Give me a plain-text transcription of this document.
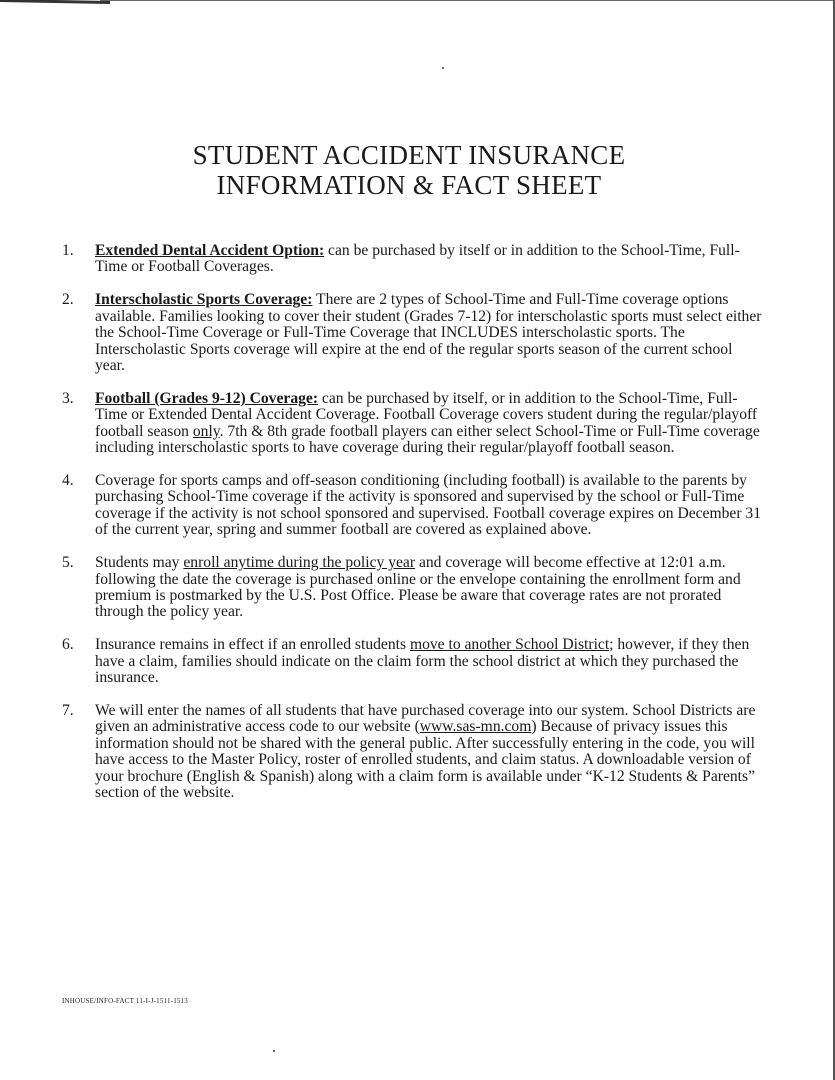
STUDENT ACCIDENT INSURANCE
INFORMATION & FACT SHEET
1. Extended Dental Accident Option: can be purchased by itself or in addition to the School-Time, Full-Time or Football Coverages.
2. Interscholastic Sports Coverage: There are 2 types of School-Time and Full-Time coverage options available. Families looking to cover their student (Grades 7-12) for interscholastic sports must select either the School-Time Coverage or Full-Time Coverage that INCLUDES interscholastic sports. The Interscholastic Sports coverage will expire at the end of the regular sports season of the current school year.
3. Football (Grades 9-12) Coverage: can be purchased by itself, or in addition to the School-Time, Full-Time or Extended Dental Accident Coverage. Football Coverage covers student during the regular/playoff football season only. 7th & 8th grade football players can either select School-Time or Full-Time coverage including interscholastic sports to have coverage during their regular/playoff football season.
4. Coverage for sports camps and off-season conditioning (including football) is available to the parents by purchasing School-Time coverage if the activity is sponsored and supervised by the school or Full-Time coverage if the activity is not school sponsored and supervised. Football coverage expires on December 31 of the current year, spring and summer football are covered as explained above.
5. Students may enroll anytime during the policy year and coverage will become effective at 12:01 a.m. following the date the coverage is purchased online or the envelope containing the enrollment form and premium is postmarked by the U.S. Post Office. Please be aware that coverage rates are not prorated through the policy year.
6. Insurance remains in effect if an enrolled students move to another School District; however, if they then have a claim, families should indicate on the claim form the school district at which they purchased the insurance.
7. We will enter the names of all students that have purchased coverage into our system. School Districts are given an administrative access code to our website (www.sas-mn.com) Because of privacy issues this information should not be shared with the general public. After successfully entering in the code, you will have access to the Master Policy, roster of enrolled students, and claim status. A downloadable version of your brochure (English & Spanish) along with a claim form is available under “K-12 Students & Parents” section of the website.
INHOUSE/INFO-FACT 11-I-J-1511-1513
